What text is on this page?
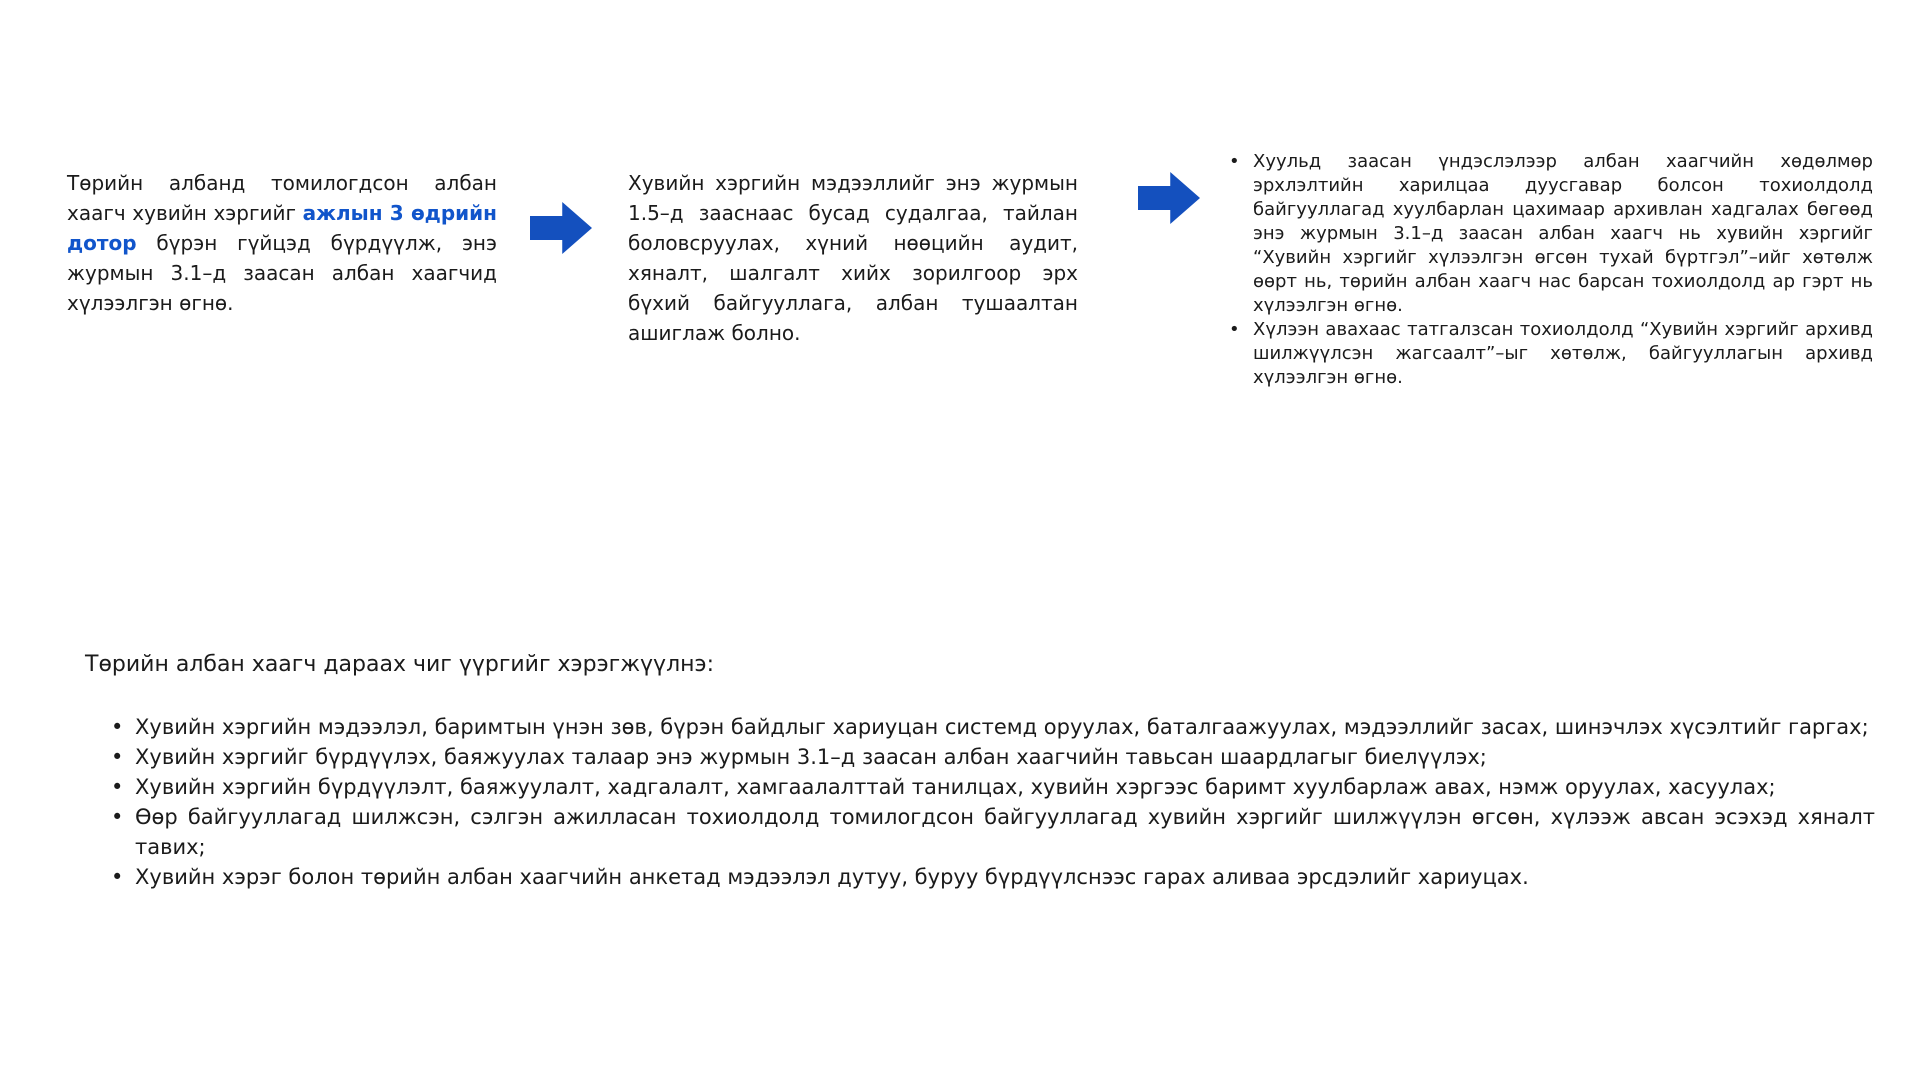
Төрийн албанд томилогдсон албан хаагч хувийн хэргийг ажлын 3 өдрийн дотор бүрэн гүйцэд бүрдүүлж, энэ журмын 3.1–д заасан албан хаагчид хүлээлгэн өгнө.
Хувийн хэргийн мэдээллийг энэ журмын 1.5–д зааснаас бусад судалгаа, тайлан боловсруулах, хүний нөөцийн аудит, хяналт, шалгалт хийх зорилгоор эрх бүхий байгууллага, албан тушаалтан ашиглаж болно.
• Хуульд заасан үндэслэлээр албан хаагчийн хөдөлмөр эрхлэлтийн харилцаа дуусгавар болсон тохиолдолд байгууллагад хуулбарлан цахимаар архивлан хадгалах бөгөөд энэ журмын 3.1–д заасан албан хаагч нь хувийн хэргийг “Хувийн хэргийг хүлээлгэн өгсөн тухай бүртгэл”–ийг хөтөлж өөрт нь, төрийн албан хаагч нас барсан тохиолдолд ар гэрт нь хүлээлгэн өгнө.
• Хүлээн авахаас татгалзсан тохиолдолд “Хувийн хэргийг архивд шилжүүлсэн жагсаалт”–ыг хөтөлж, байгууллагын архивд хүлээлгэн өгнө.
Төрийн албан хаагч дараах чиг үүргийг хэрэгжүүлнэ:
• Хувийн хэргийн мэдээлэл, баримтын үнэн зөв, бүрэн байдлыг хариуцан системд оруулах, баталгаажуулах, мэдээллийг засах, шинэчлэх хүсэлтийг гаргах;
• Хувийн хэргийг бүрдүүлэх, баяжуулах талаар энэ журмын 3.1–д заасан албан хаагчийн тавьсан шаардлагыг биелүүлэх;
• Хувийн хэргийн бүрдүүлэлт, баяжуулалт, хадгалалт, хамгаалалттай танилцах, хувийн хэргээс баримт хуулбарлаж авах, нэмж оруулах, хасуулах;
• Өөр байгууллагад шилжсэн, сэлгэн ажилласан тохиолдолд томилогдсон байгууллагад хувийн хэргийг шилжүүлэн өгсөн, хүлээж авсан эсэхэд хяналт тавих;
• Хувийн хэрэг болон төрийн албан хаагчийн анкетад мэдээлэл дутуу, буруу бүрдүүлснээс гарах аливаа эрсдэлийг хариуцах.
